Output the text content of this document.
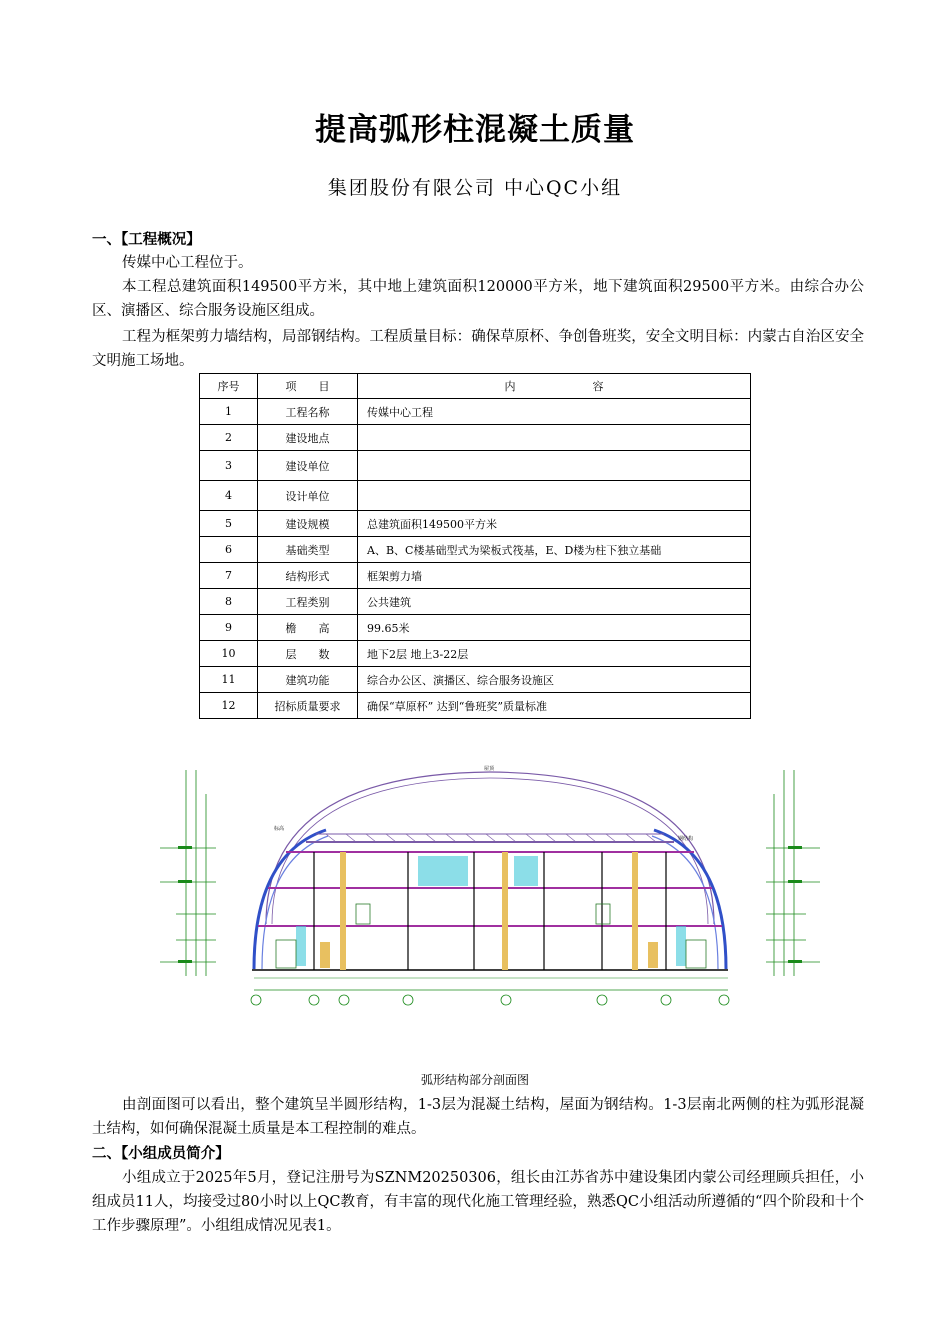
提高弧形柱混凝土质量
集团股份有限公司 中心QC小组
一、【工程概况】
传媒中心工程位于。
本工程总建筑面积149500平方米，其中地上建筑面积120000平方米，地下建筑面积29500平方米。由综合办公区、演播区、综合服务设施区组成。
工程为框架剪力墙结构，局部钢结构。工程质量目标：确保草原杯、争创鲁班奖，安全文明目标：内蒙古自治区安全文明施工场地。
序号	项　　目	内　　　　　　　容
1	工程名称	传媒中心工程
2	建设地点	
3	建设单位	
4	设计单位	
5	建设规模	总建筑面积149500平方米
6	基础类型	A、B、C楼基础型式为梁板式筏基，E、D楼为柱下独立基础
7	结构形式	框架剪力墙
8	工程类别	公共建筑
9	檐　　高	99.65米
10	层　　数	地下2层 地上3-22层
11	建筑功能	综合办公区、演播区、综合服务设施区
12	招标质量要求	确保“草原杯” 达到“鲁班奖”质量标准
标高
钢结构
屋顶
弧形结构部分剖面图
由剖面图可以看出，整个建筑呈半圆形结构，1-3层为混凝土结构，屋面为钢结构。1-3层南北两侧的柱为弧形混凝土结构，如何确保混凝土质量是本工程控制的难点。
二、【小组成员简介】
小组成立于2025年5月，登记注册号为SZNM20250306，组长由江苏省苏中建设集团内蒙公司经理顾兵担任，小组成员11人，均接受过80小时以上QC教育，有丰富的现代化施工管理经验，熟悉QC小组活动所遵循的“四个阶段和十个工作步骤原理”。小组组成情况见表1。
